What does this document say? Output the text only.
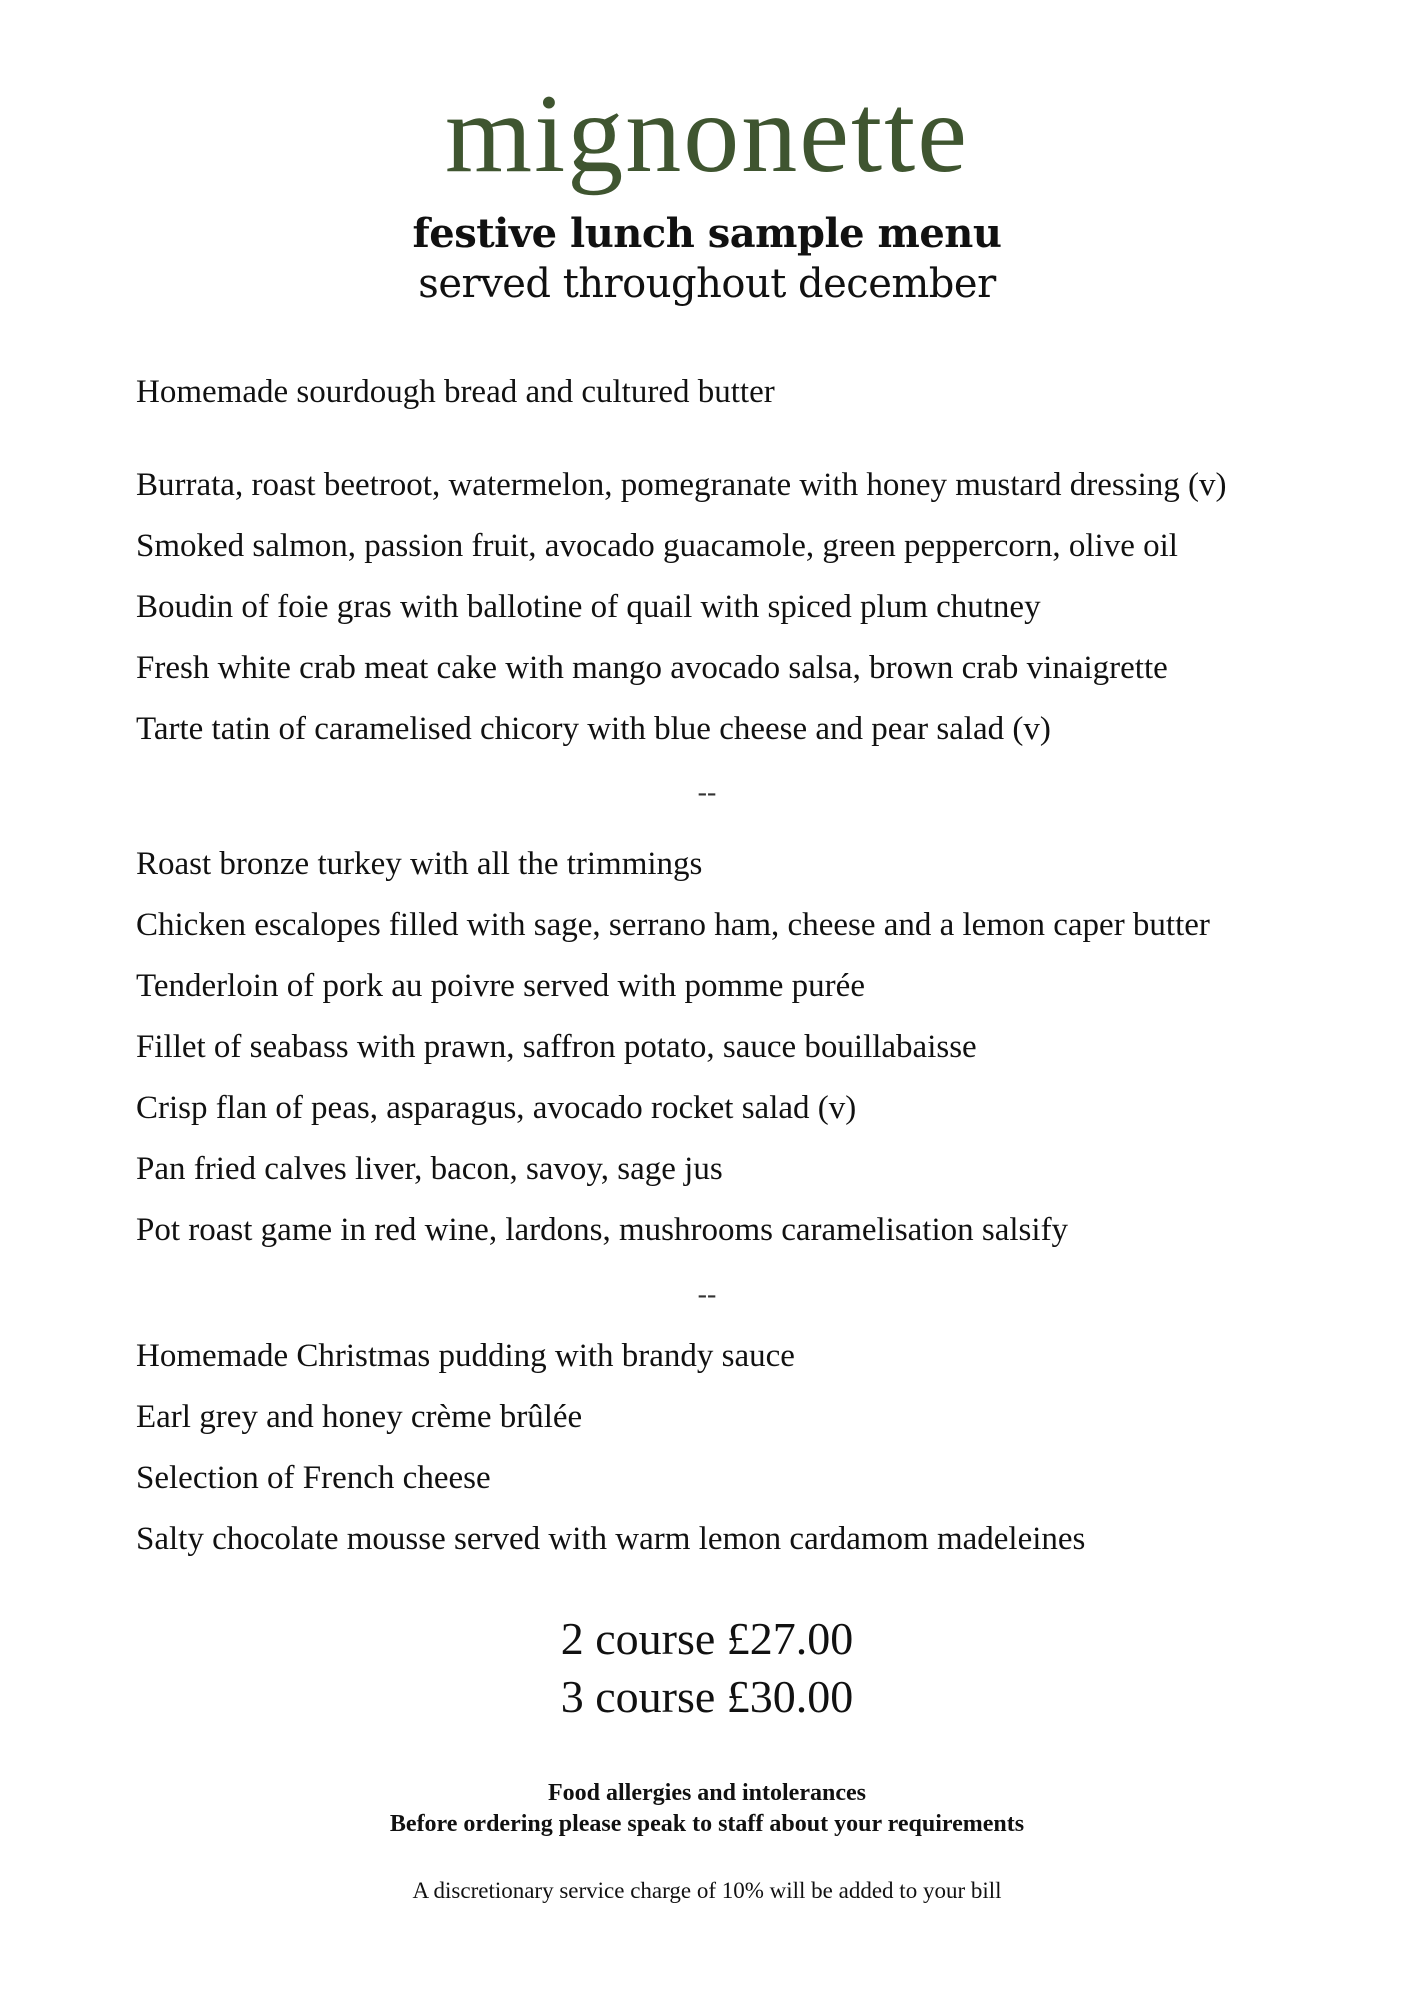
mignonette
festive lunch sample menu
served throughout december
Homemade sourdough bread and cultured butter
Burrata, roast beetroot, watermelon, pomegranate with honey mustard dressing (v)
Smoked salmon, passion fruit, avocado guacamole, green peppercorn, olive oil
Boudin of foie gras with ballotine of quail with spiced plum chutney
Fresh white crab meat cake with mango avocado salsa, brown crab vinaigrette
Tarte tatin of caramelised chicory with blue cheese and pear salad (v)
--
Roast bronze turkey with all the trimmings
Chicken escalopes filled with sage, serrano ham, cheese and a lemon caper butter
Tenderloin of pork au poivre served with pomme purée
Fillet of seabass with prawn, saffron potato, sauce bouillabaisse
Crisp flan of peas, asparagus, avocado rocket salad (v)
Pan fried calves liver, bacon, savoy, sage jus
Pot roast game in red wine, lardons, mushrooms caramelisation salsify
--
Homemade Christmas pudding with brandy sauce
Earl grey and honey crème brûlée
Selection of French cheese
Salty chocolate mousse served with warm lemon cardamom madeleines
2 course £27.00
3 course £30.00
Food allergies and intolerances
Before ordering please speak to staff about your requirements
A discretionary service charge of 10% will be added to your bill
